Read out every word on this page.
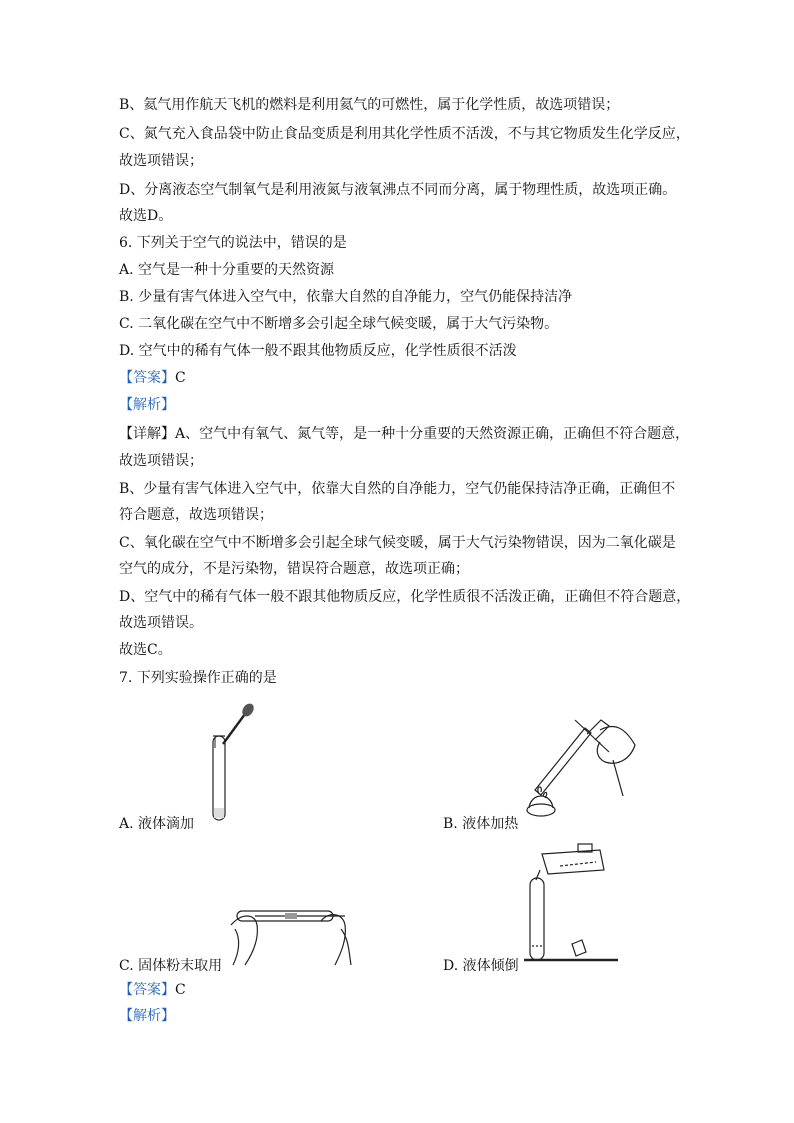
B、氦气用作航天飞机的燃料是利用氦气的可燃性，属于化学性质，故选项错误；
C、氮气充入食品袋中防止食品变质是利用其化学性质不活泼，不与其它物质发生化学反应，
故选项错误；
D、分离液态空气制氧气是利用液氮与液氧沸点不同而分离，属于物理性质，故选项正确。
故选D。
6. 下列关于空气的说法中，错误的是
A. 空气是一种十分重要的天然资源
B. 少量有害气体进入空气中，依靠大自然的自净能力，空气仍能保持洁净
C. 二氧化碳在空气中不断增多会引起全球气候变暖，属于大气污染物。
D. 空气中的稀有气体一般不跟其他物质反应，化学性质很不活泼
【答案】C
【解析】
【详解】A、空气中有氧气、氮气等，是一种十分重要的天然资源正确，正确但不符合题意，
故选项错误；
B、少量有害气体进入空气中，依靠大自然的自净能力，空气仍能保持洁净正确，正确但不
符合题意，故选项错误；
C、氧化碳在空气中不断增多会引起全球气候变暖，属于大气污染物错误，因为二氧化碳是
空气的成分，不是污染物，错误符合题意，故选项正确；
D、空气中的稀有气体一般不跟其他物质反应，化学性质很不活泼正确，正确但不符合题意，
故选项错误。
故选C。
7. 下列实验操作正确的是
A. 液体滴加	B. 液体加热
C. 固体粉末取用	D. 液体倾倒
【答案】C
【解析】
